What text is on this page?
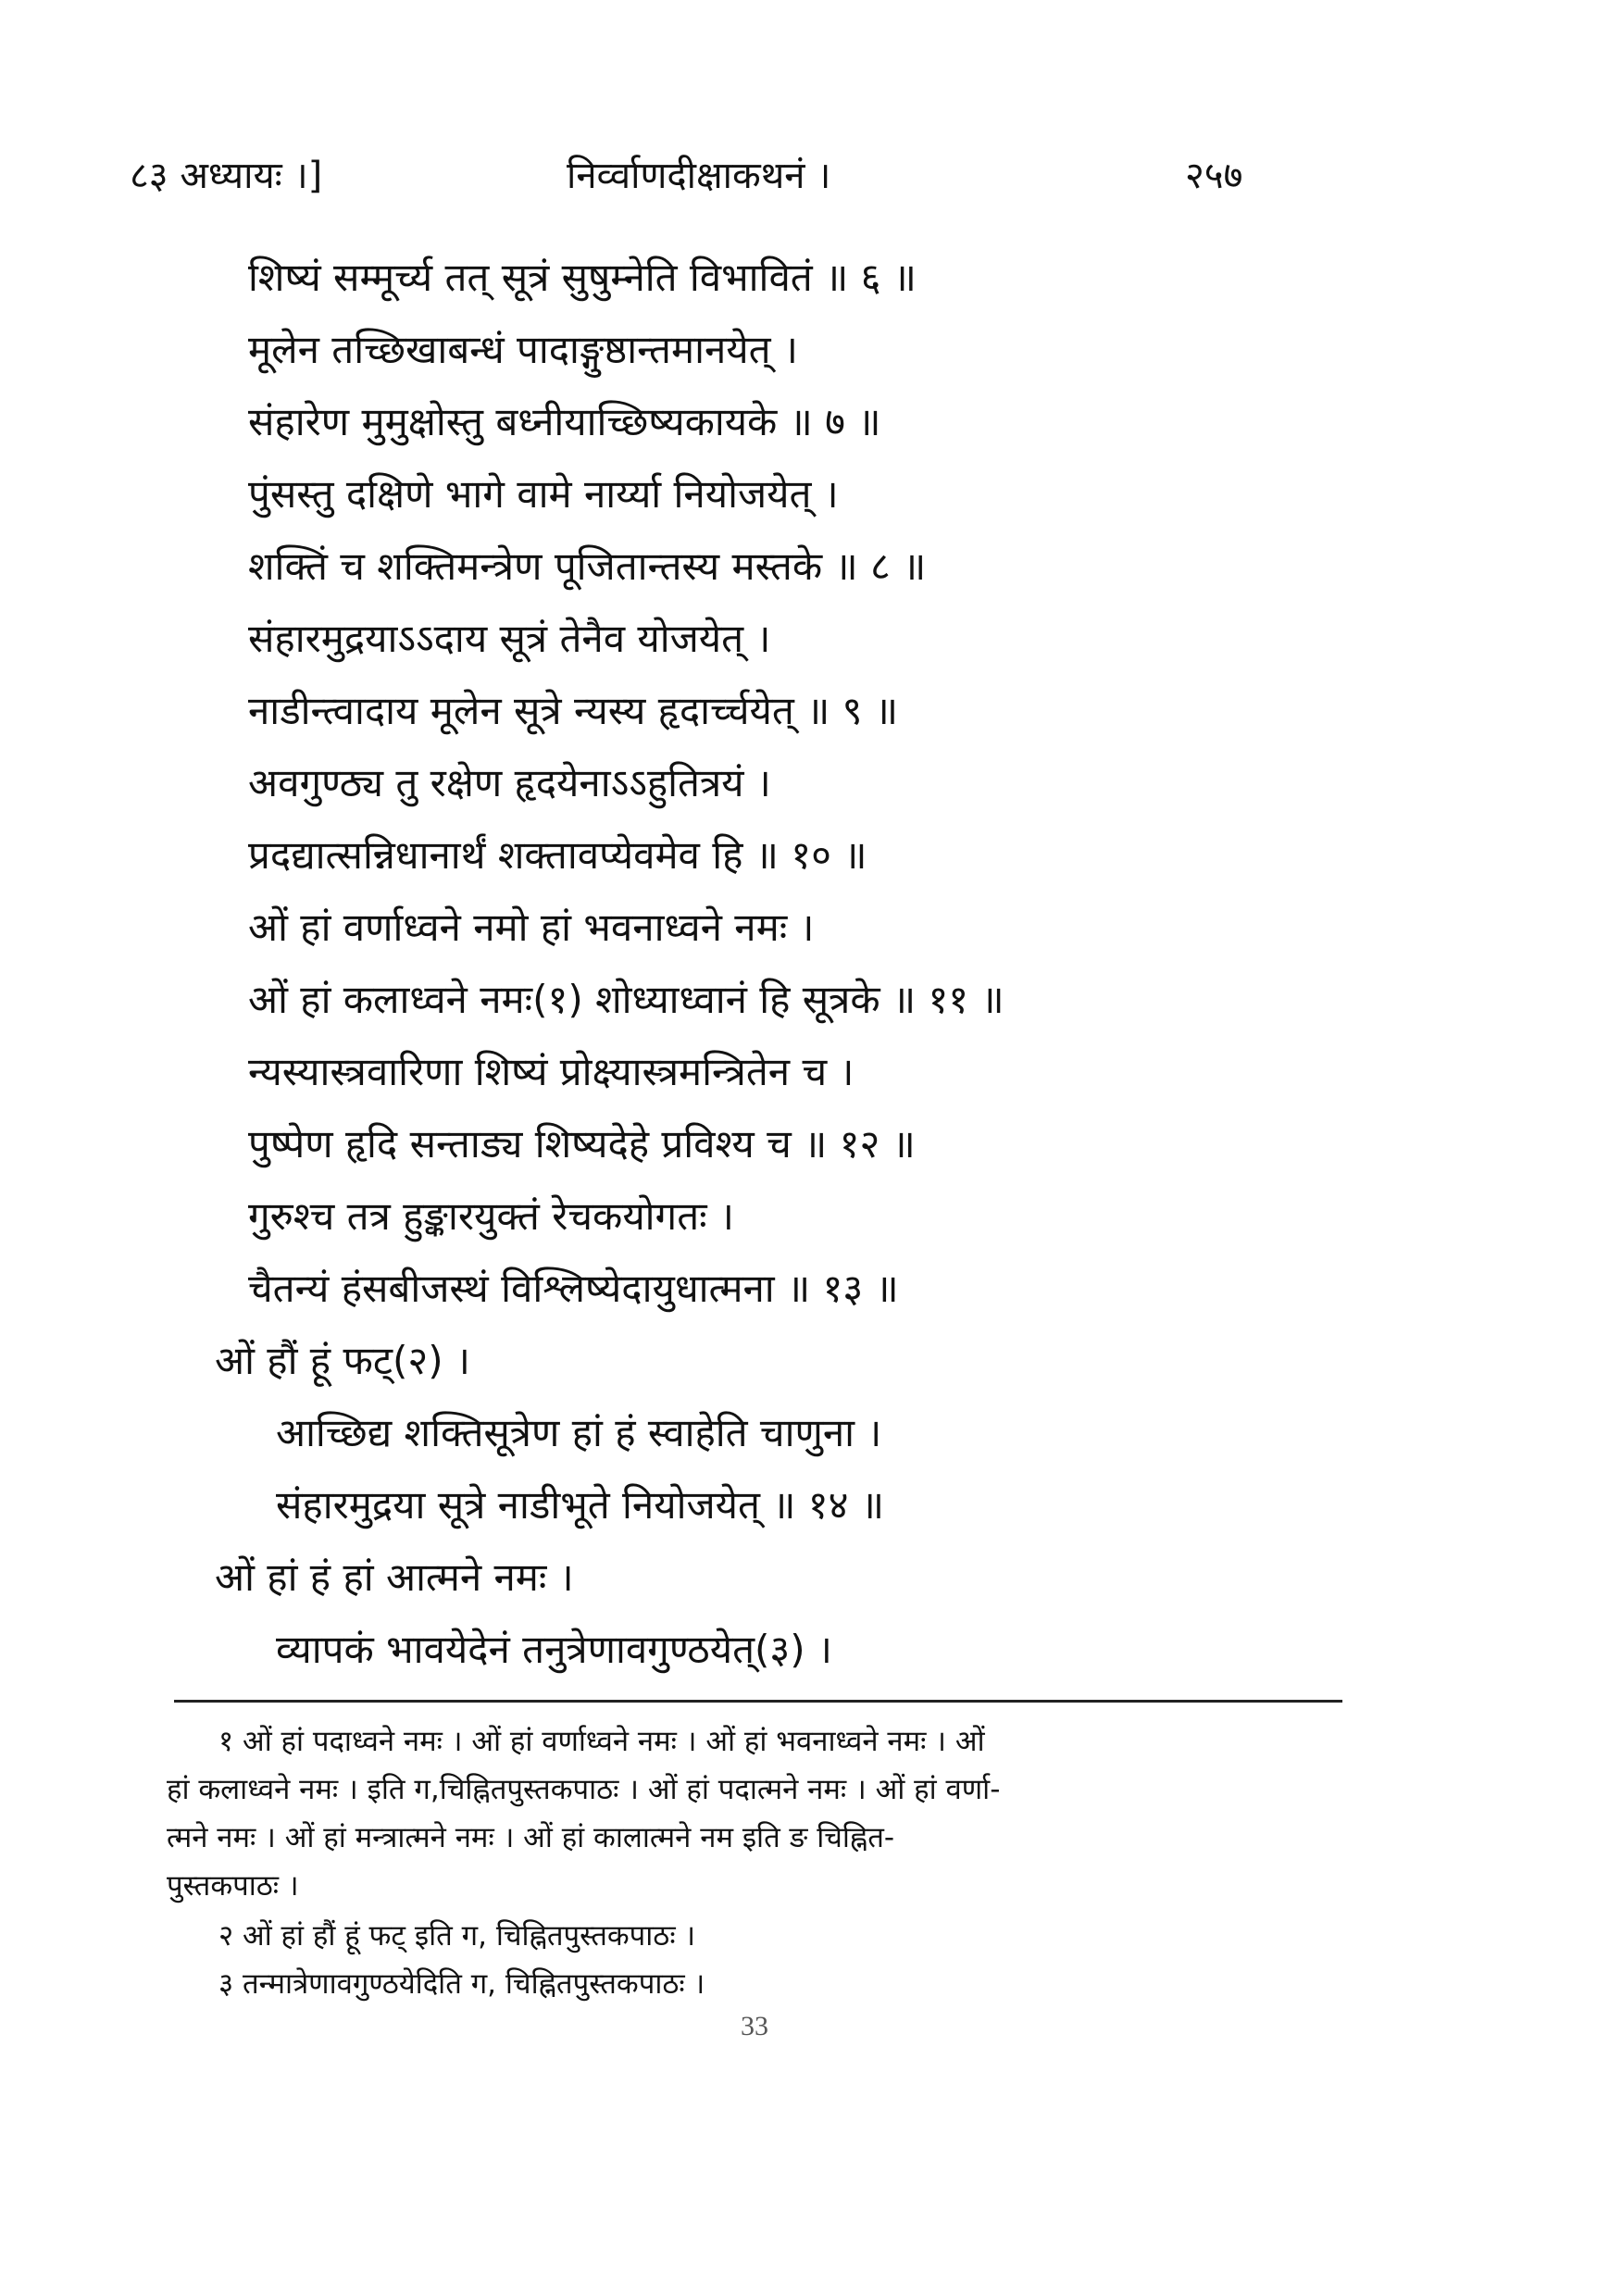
८३ अध्यायः ।]	निर्व्वाणदीक्षाकथनं ।	२५७
शिष्यं सम्मूर्च्य तत् सूत्रं सुषुम्नेति विभावितं ॥ ६ ॥
मूलेन तच्छिखाबन्धं पादाङ्गुष्ठान्तमानयेत् ।
संहारेण मुमुक्षोस्तु बध्नीयाच्छिष्यकायके ॥ ७ ॥
पुंसस्तु दक्षिणे भागे वामे नार्य्या नियोजयेत् ।
शक्तिं च शक्तिमन्त्रेण पूजितान्तस्य मस्तके ॥ ८ ॥
संहारमुद्रयाऽऽदाय सूत्रं तेनैव योजयेत् ।
नाडीन्त्वादाय मूलेन सूत्रे न्यस्य हृदार्च्चयेत् ॥ ९ ॥
अवगुण्ठ्य तु रक्षेण हृदयेनाऽऽहुतित्रयं ।
प्रदद्यात्सन्निधानार्थं शक्तावप्येवमेव हि ॥ १० ॥
ओं हां वर्णाध्वने नमो हां भवनाध्वने नमः ।
ओं हां कलाध्वने नमः(१) शोध्याध्वानं हि सूत्रके ॥ ११ ॥
न्यस्यास्त्रवारिणा शिष्यं प्रोक्ष्यास्त्रमन्त्रितेन च ।
पुष्पेण हृदि सन्ताड्य शिष्यदेहे प्रविश्य च ॥ १२ ॥
गुरुश्च तत्र हुङ्कारयुक्तं रेचकयोगतः ।
चैतन्यं हंसबीजस्थं विश्लिष्येदायुधात्मना ॥ १३ ॥
ओं हौं हूं फट्(२) ।
आच्छिद्य शक्तिसूत्रेण हां हं स्वाहेति चाणुना ।
संहारमुद्रया सूत्रे नाडीभूते नियोजयेत् ॥ १४ ॥
ओं हां हं हां आत्मने नमः ।
व्यापकं भावयेदेनं तनुत्रेणावगुण्ठयेत्(३) ।
१ ओं हां पदाध्वने नमः । ओं हां वर्णाध्वने नमः । ओं हां भवनाध्वने नमः । ओं
हां कलाध्वने नमः । इति ग,चिह्नितपुस्तकपाठः । ओं हां पदात्मने नमः । ओं हां वर्णा-
त्मने नमः । ओं हां मन्त्रात्मने नमः । ओं हां कालात्मने नम इति ङ चिह्नित-
पुस्तकपाठः ।
२ ओं हां हौं हूं फट् इति ग, चिह्नितपुस्तकपाठः ।
३ तन्मात्रेणावगुण्ठयेदिति ग, चिह्नितपुस्तकपाठः ।
33
